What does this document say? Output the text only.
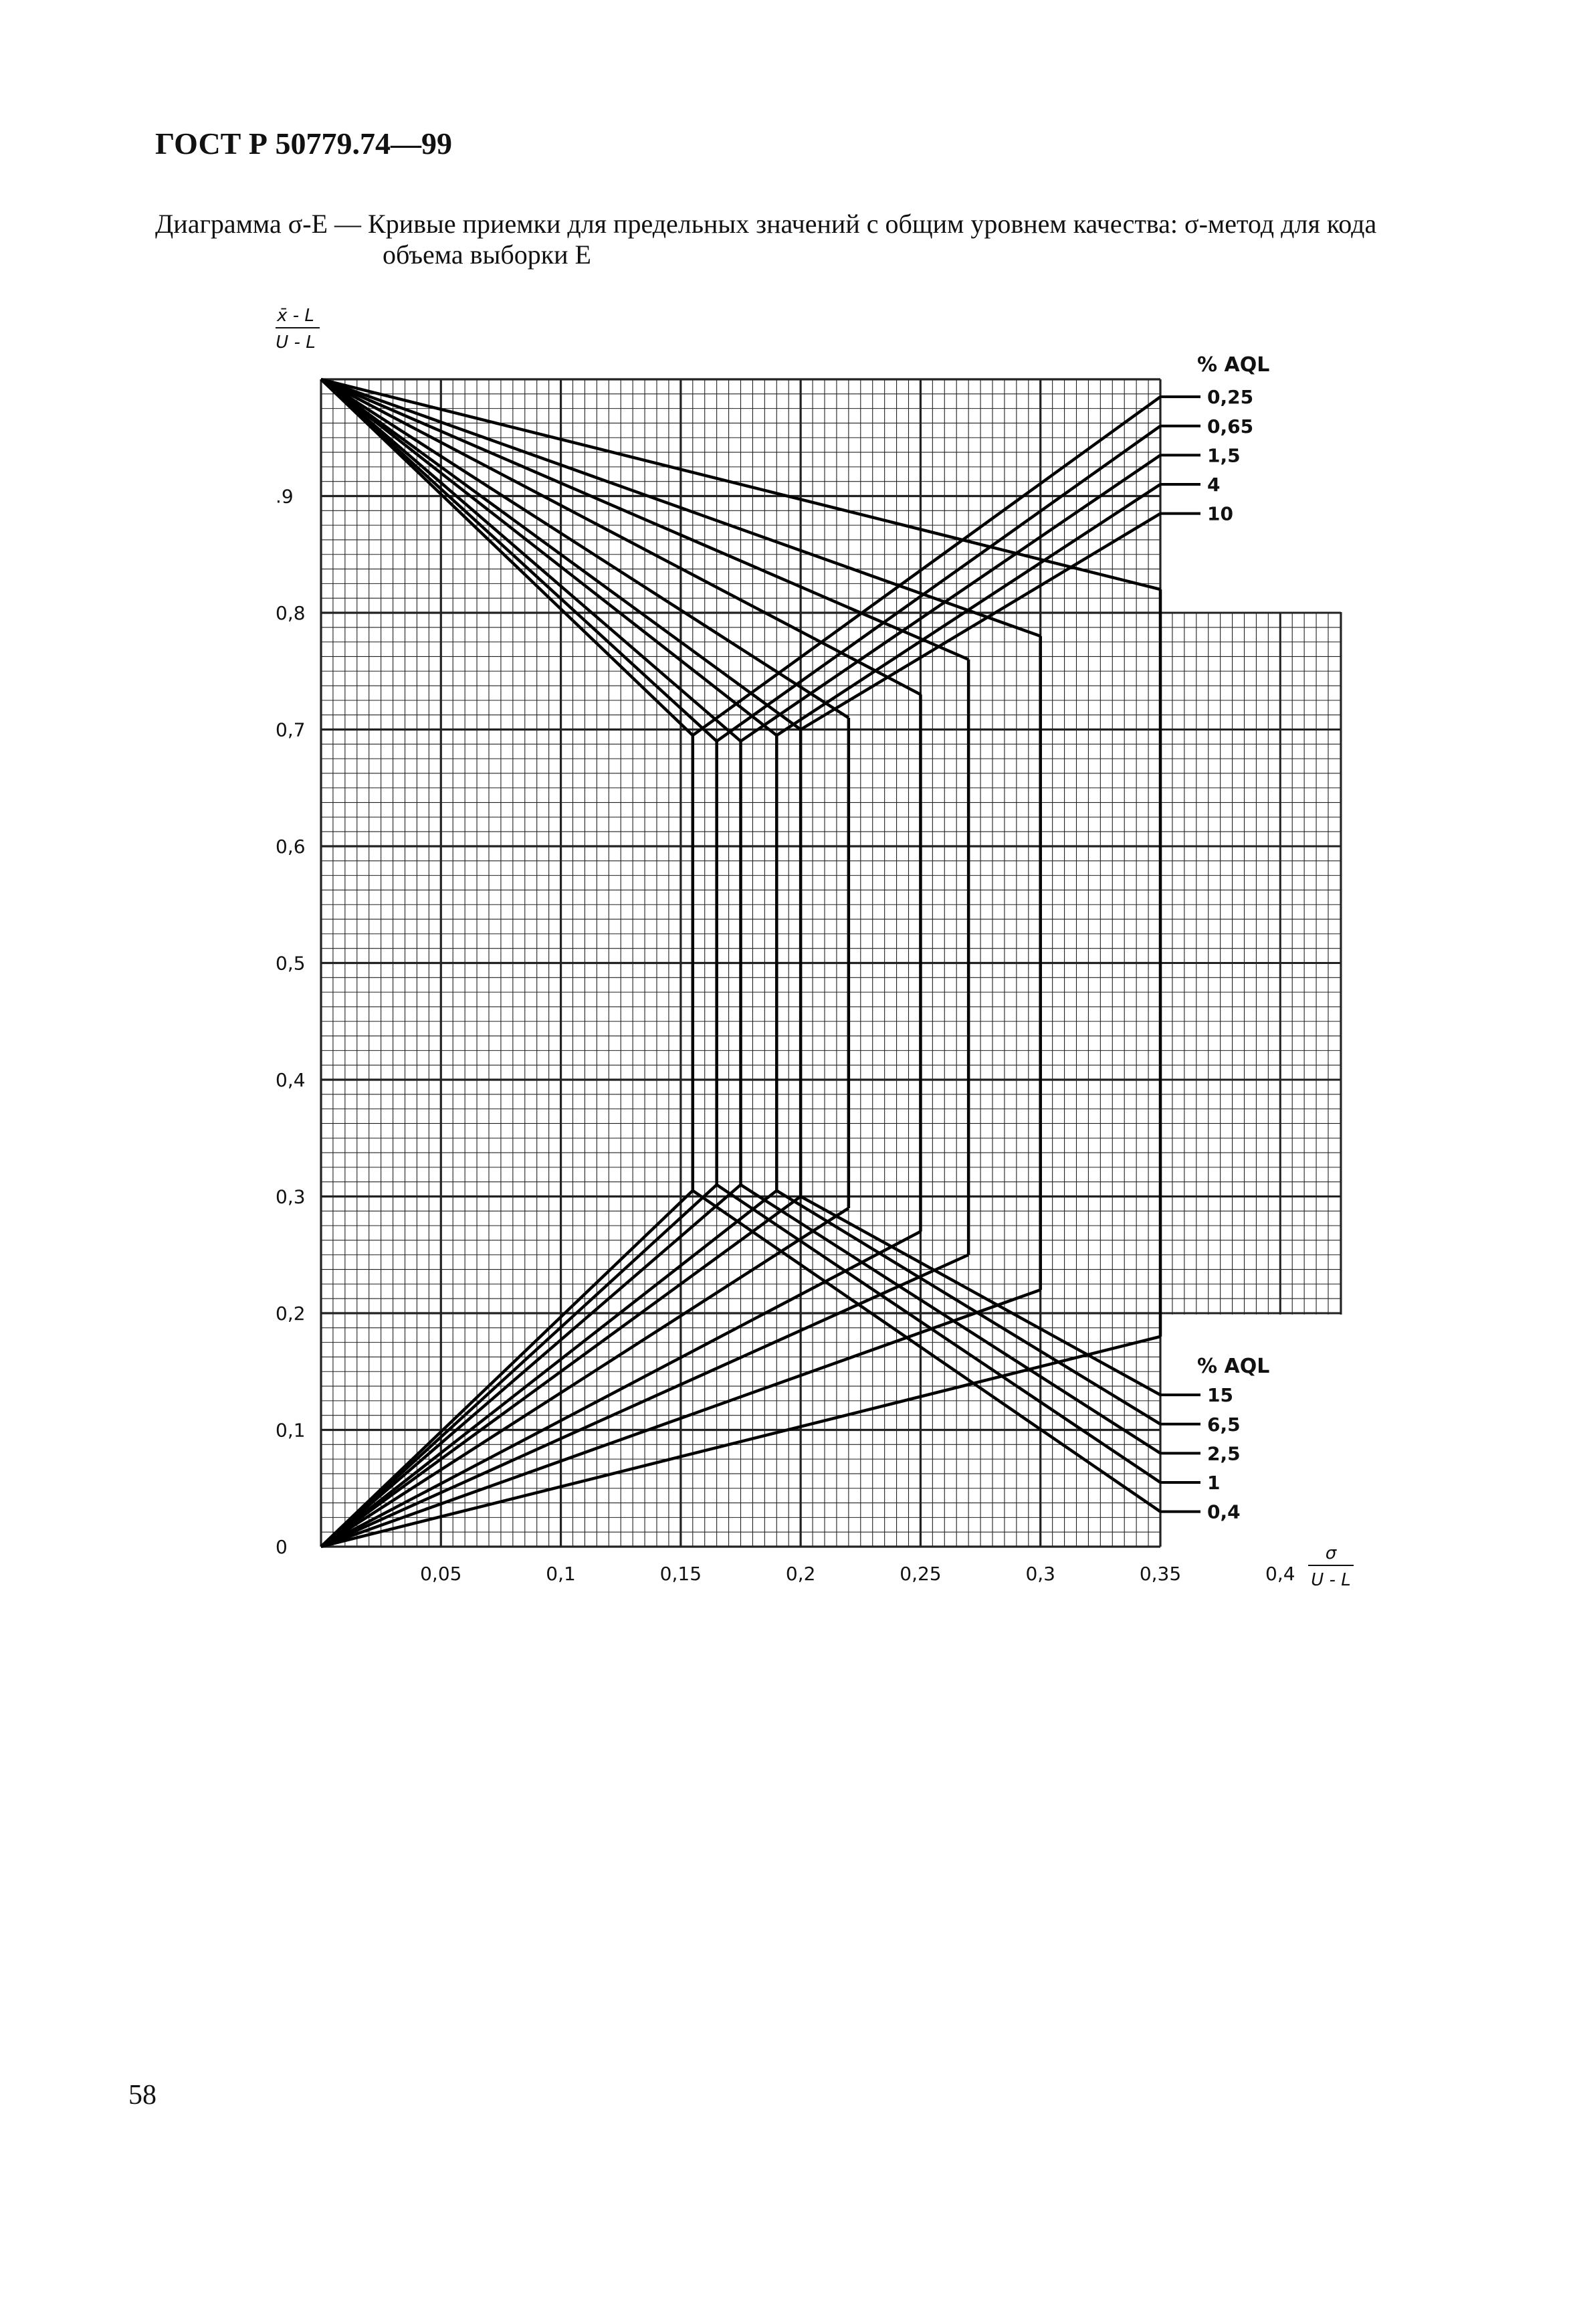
ГОСТ Р 50779.74—99
Диаграмма σ-E — Кривые приемки для предельных значений с общим уровнем качества: σ-метод для кода
объема выборки E
0,05	0,1	0,15	0,2	0,25	0,3	0,35	0,4
.9
0,8
0,7
0,6
0,5
0,4
0,3
0,2
0,1
0
x̄ - L
U - L
σ
U - L
% AQL
0,25
0,65
1,5
4
10
% AQL
15
6,5
2,5
1
0,4
58
